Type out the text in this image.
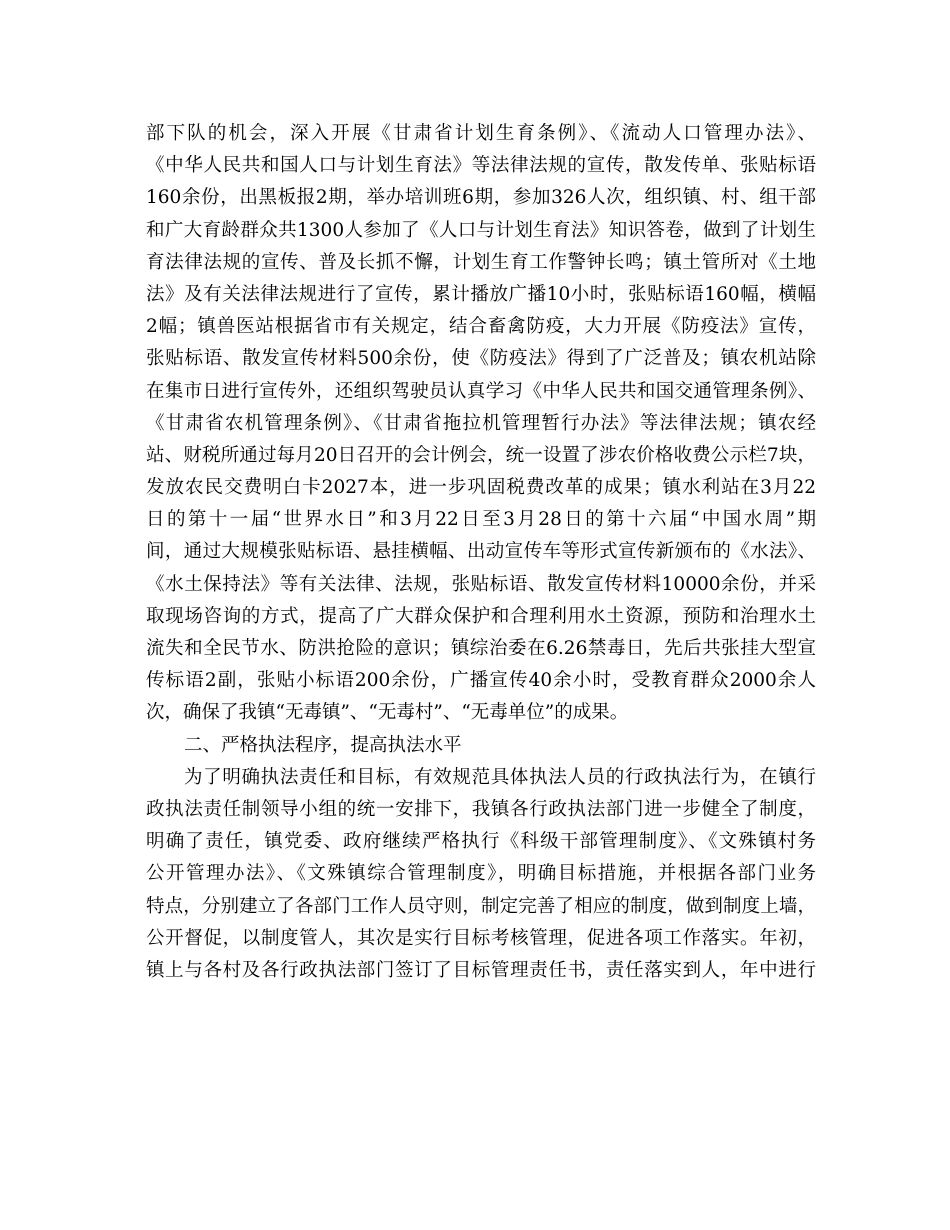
部下队的机会，深入开展《甘肃省计划生育条例》、《流动人口管理办法》、
《中华人民共和国人口与计划生育法》等法律法规的宣传，散发传单、张贴标语
160余份，出黑板报2期，举办培训班6期，参加326人次，组织镇、村、组干部
和广大育龄群众共1300人参加了《人口与计划生育法》知识答卷，做到了计划生
育法律法规的宣传、普及长抓不懈，计划生育工作警钟长鸣；镇土管所对《土地
法》及有关法律法规进行了宣传，累计播放广播10小时，张贴标语160幅，横幅
2幅；镇兽医站根据省市有关规定，结合畜禽防疫，大力开展《防疫法》宣传，
张贴标语、散发宣传材料500余份，使《防疫法》得到了广泛普及；镇农机站除
在集市日进行宣传外，还组织驾驶员认真学习《中华人民共和国交通管理条例》、
《甘肃省农机管理条例》、《甘肃省拖拉机管理暂行办法》等法律法规；镇农经
站、财税所通过每月20日召开的会计例会，统一设置了涉农价格收费公示栏7块，
发放农民交费明白卡2027本，进一步巩固税费改革的成果；镇水利站在3月22
日的第十一届“世界水日”和3月22日至3月28日的第十六届“中国水周”期
间，通过大规模张贴标语、悬挂横幅、出动宣传车等形式宣传新颁布的《水法》、
《水土保持法》等有关法律、法规，张贴标语、散发宣传材料10000余份，并采
取现场咨询的方式，提高了广大群众保护和合理利用水土资源，预防和治理水土
流失和全民节水、防洪抢险的意识；镇综治委在6.26禁毒日，先后共张挂大型宣
传标语2副，张贴小标语200余份，广播宣传40余小时，受教育群众2000余人
次，确保了我镇“无毒镇”、“无毒村”、“无毒单位”的成果。
二、严格执法程序，提高执法水平
为了明确执法责任和目标，有效规范具体执法人员的行政执法行为，在镇行
政执法责任制领导小组的统一安排下，我镇各行政执法部门进一步健全了制度，
明确了责任，镇党委、政府继续严格执行《科级干部管理制度》、《文殊镇村务
公开管理办法》、《文殊镇综合管理制度》，明确目标措施，并根据各部门业务
特点，分别建立了各部门工作人员守则，制定完善了相应的制度，做到制度上墙，
公开督促，以制度管人，其次是实行目标考核管理，促进各项工作落实。年初，
镇上与各村及各行政执法部门签订了目标管理责任书，责任落实到人，年中进行
